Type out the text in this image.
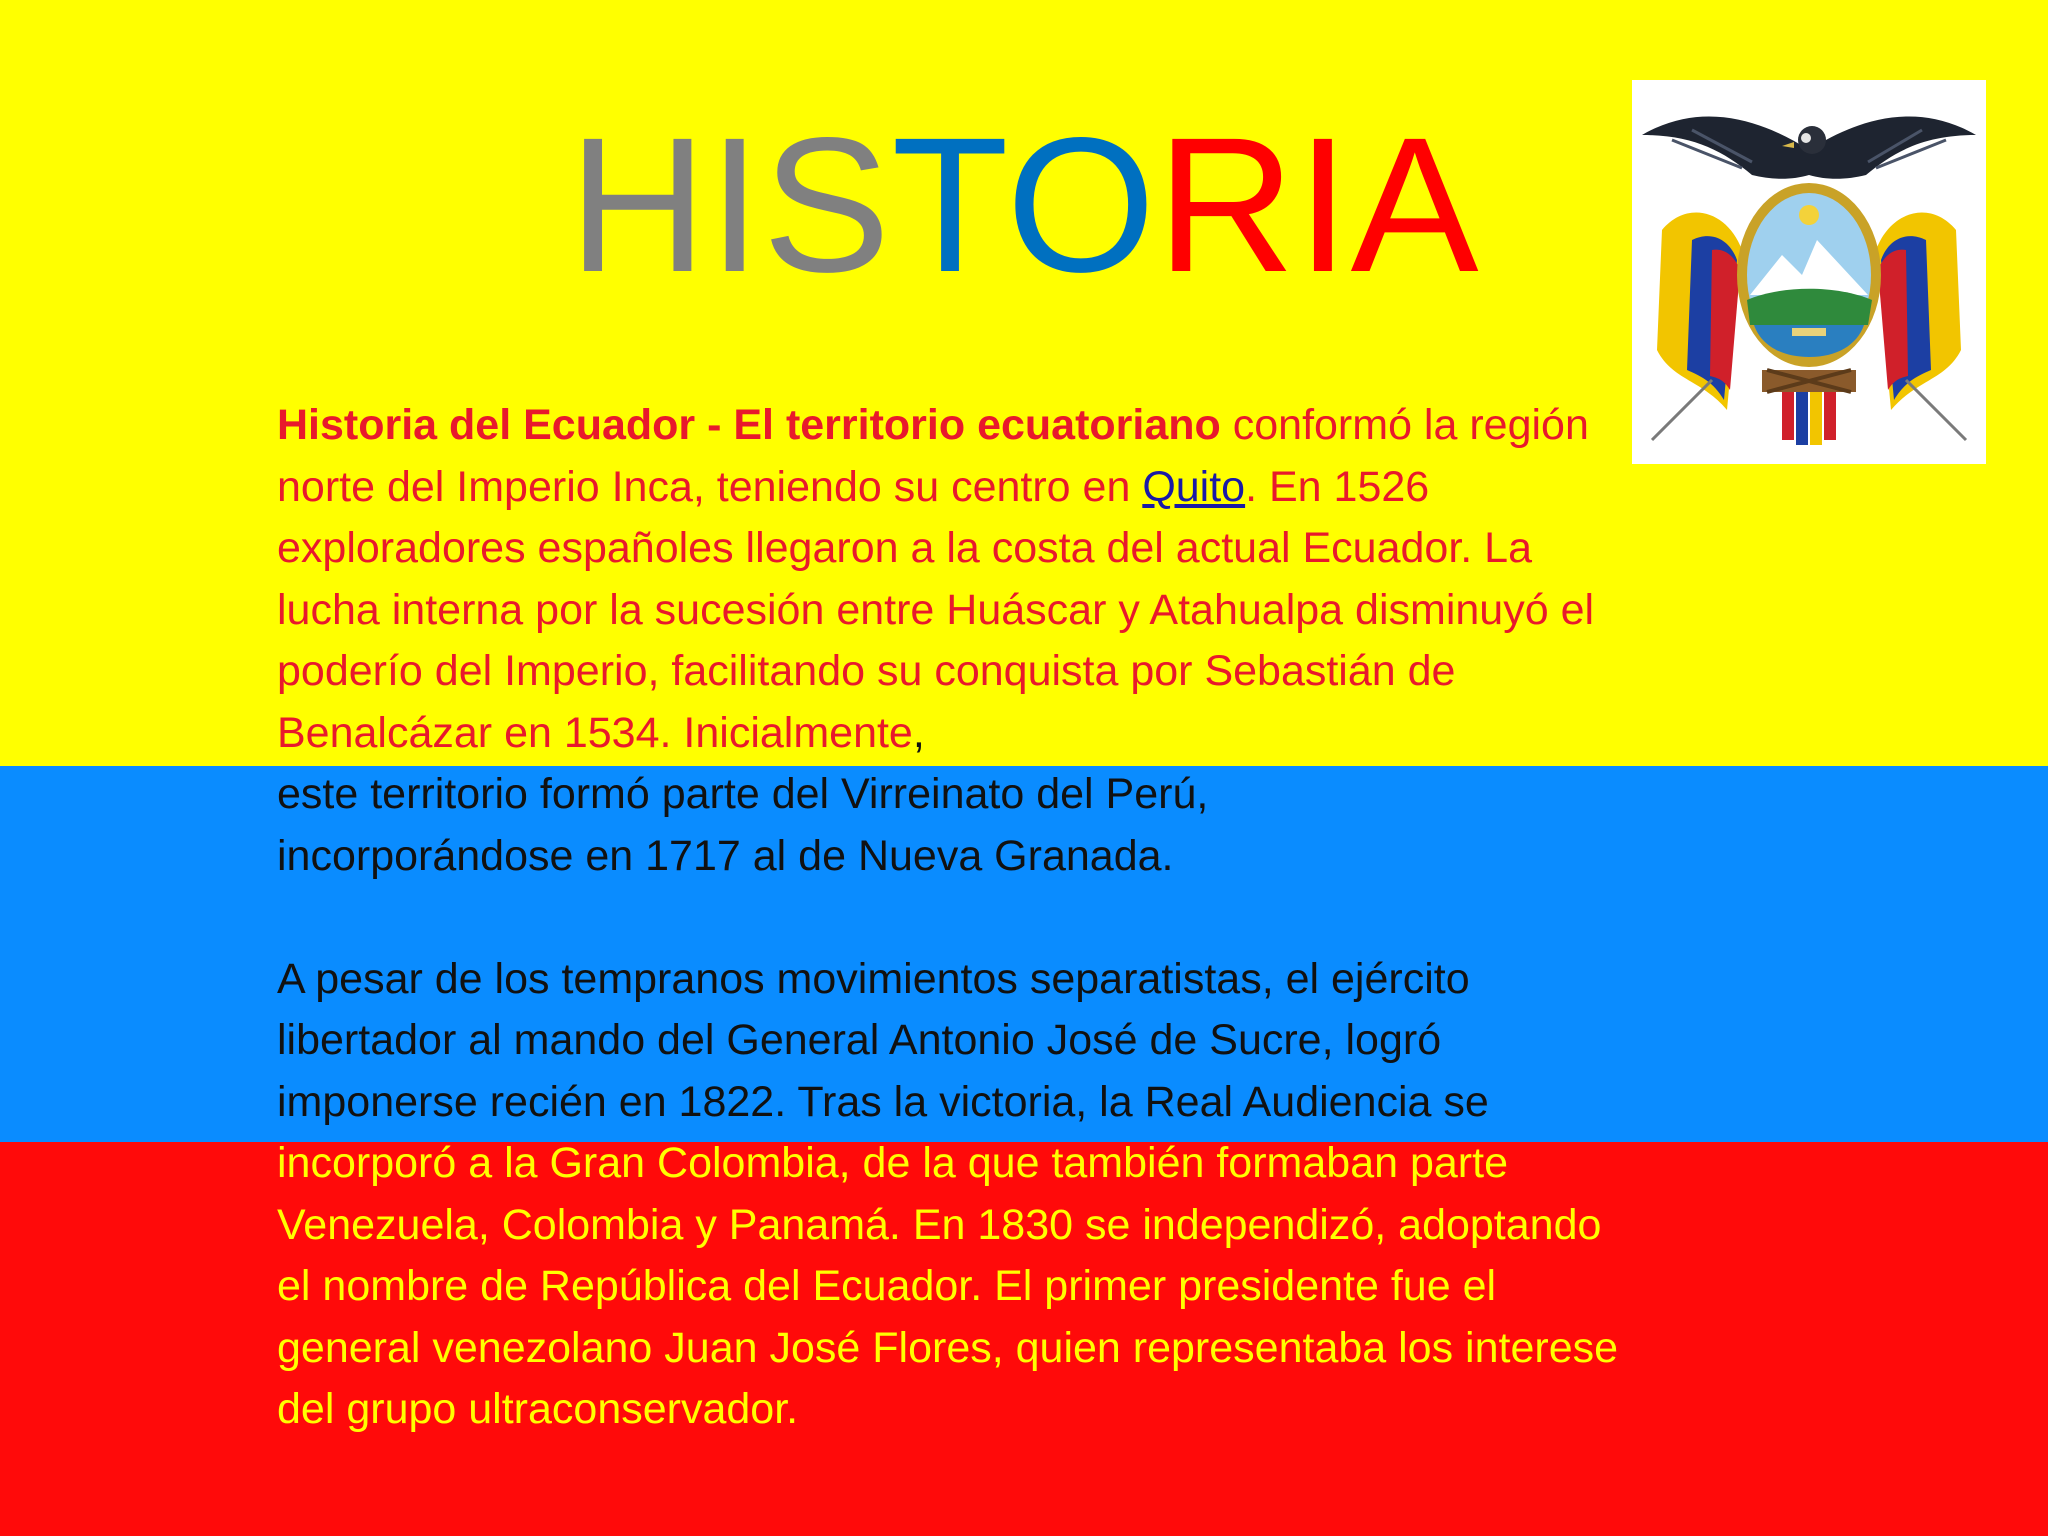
HISTORIA
Historia del Ecuador - El territorio ecuatoriano conformó la región norte del Imperio Inca, teniendo su centro en Quito. En 1526 exploradores españoles llegaron a la costa del actual Ecuador. La lucha interna por la sucesión entre Huáscar y Atahualpa disminuyó el poderío del Imperio, facilitando su conquista por Sebastián de Benalcázar en 1534. Inicialmente,
este territorio formó parte del Virreinato del Perú,
incorporándose en 1717 al de Nueva Granada.
A pesar de los tempranos movimientos separatistas, el ejército libertador al mando del General Antonio José de Sucre, logró imponerse recién en 1822. Tras la victoria, la Real Audiencia se incorporó a la Gran Colombia, de la que también formaban parte Venezuela, Colombia y Panamá. En 1830 se independizó, adoptando el nombre de República del Ecuador. El primer presidente fue el general venezolano Juan José Flores, quien representaba los interese del grupo ultraconservador.
